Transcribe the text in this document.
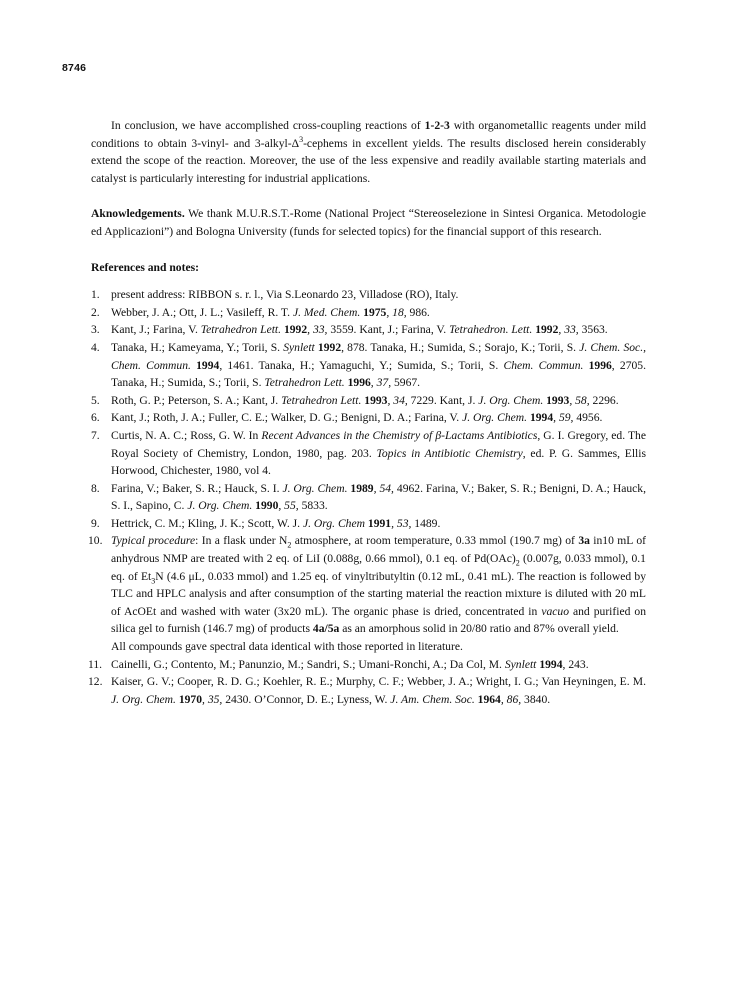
8746

In conclusion, we have accomplished cross-coupling reactions of 1-2-3 with organometallic reagents under mild conditions to obtain 3-vinyl- and $3-alkyl-\Delta^3$-cephems in excellent yields. The results disclosed herein considerably extend the scope of the reaction. Moreover, the use of the less expensive and readily available starting materials and catalyst is particularly interesting for industrial applications.

Aknowledgements. We thank M.U.R.S.T.-Rome (National Project “Stereoselezione in Sintesi Organica. Metodologie ed Applicazioni”) and Bologna University (funds for selected topics) for the financial support of this research.

References and notes:
1. present address: RIBBON s. r. l., Via S.Leonardo 23, Villadose (RO), Italy.
2. Webber, J. A.; Ott, J. L.; Vasileff, R. T. J. Med. Chem. 1975, 18, 986.
3. Kant, J.; Farina, V. Tetrahedron Lett. 1992, 33, 3559. Kant, J.; Farina, V. Tetrahedron. Lett. 1992, 33, 3563.
4. Tanaka, H.; Kameyama, Y.; Torii, S. Synlett 1992, 878. Tanaka, H.; Sumida, S.; Sorajo, K.; Torii, S. J. Chem. Soc., Chem. Commun. 1994, 1461. Tanaka, H.; Yamaguchi, Y.; Sumida, S.; Torii, S. Chem. Commun. 1996, 2705. Tanaka, H.; Sumida, S.; Torii, S. Tetrahedron Lett. 1996, 37, 5967.
5. Roth, G. P.; Peterson, S. A.; Kant, J. Tetrahedron Lett. 1993, 34, 7229. Kant, J. J. Org. Chem. 1993, 58, 2296.
6. Kant, J.; Roth, J. A.; Fuller, C. E.; Walker, D. G.; Benigni, D. A.; Farina, V. J. Org. Chem. 1994, 59, 4956.
7. Curtis, N. A. C.; Ross, G. W. In Recent Advances in the Chemistry of β-Lactams Antibiotics, G. I. Gregory, ed. The Royal Society of Chemistry, London, 1980, pag. 203. Topics in Antibiotic Chemistry, ed. P. G. Sammes, Ellis Horwood, Chichester, 1980, vol 4.
8. Farina, V.; Baker, S. R.; Hauck, S. I. J. Org. Chem. 1989, 54, 4962. Farina, V.; Baker, S. R.; Benigni, D. A.; Hauck, S. I., Sapino, C. J. Org. Chem. 1990, 55, 5833.
9. Hettrick, C. M.; Kling, J. K.; Scott, W. J. J. Org. Chem 1991, 53, 1489.
10. Typical procedure: In a flask under $N_2$ atmosphere, at room temperature, 0.33 mmol (190.7 mg) of 3a in10 mL of anhydrous NMP are treated with 2 eq. of LiI (0.088g, 0.66 mmol), 0.1 eq. of $Pd(OAc)_2$ (0.007g, 0.033 mmol), 0.1 eq. of $Et_3N$ (4.6 μL, 0.033 mmol) and 1.25 eq. of vinyltributyltin (0.12 mL, 0.41 mL). The reaction is followed by TLC and HPLC analysis and after consumption of the starting material the reaction mixture is diluted with 20 mL of AcOEt and washed with water (3x20 mL). The organic phase is dried, concentrated in vacuo and purified on silica gel to furnish (146.7 mg) of products 4a/5a as an amorphous solid in 20/80 ratio and 87% overall yield.
All compounds gave spectral data identical with those reported in literature.
11. Cainelli, G.; Contento, M.; Panunzio, M.; Sandri, S.; Umani-Ronchi, A.; Da Col, M. Synlett 1994, 243.
12. Kaiser, G. V.; Cooper, R. D. G.; Koehler, R. E.; Murphy, C. F.; Webber, J. A.; Wright, I. G.; Van Heyningen, E. M. J. Org. Chem. 1970, 35, 2430. O’Connor, D. E.; Lyness, W. J. Am. Chem. Soc. 1964, 86, 3840.
